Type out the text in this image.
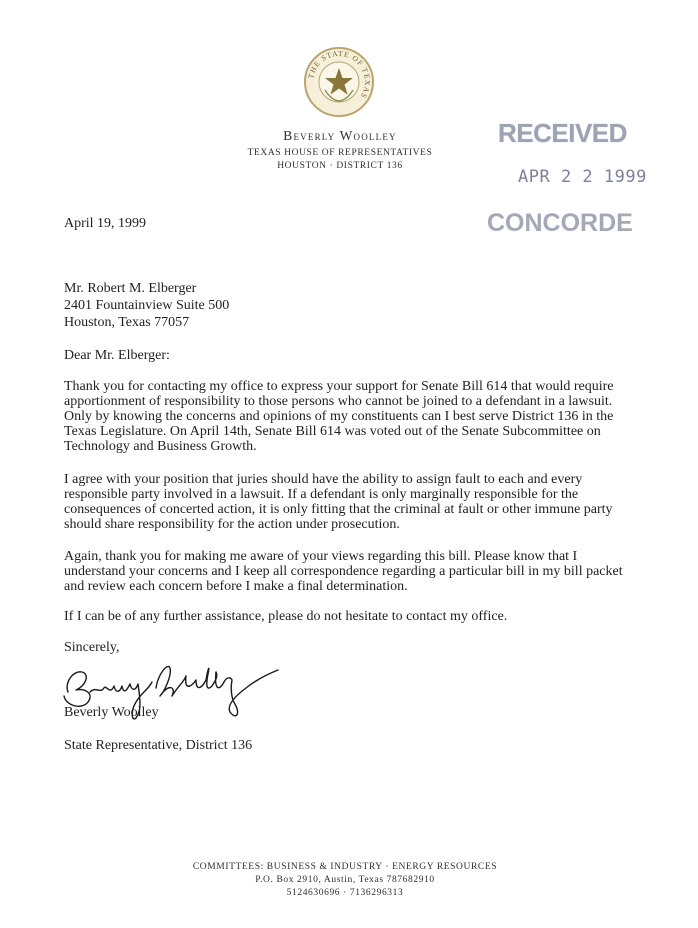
THE STATE OF TEXAS
Beverly Woolley
TEXAS HOUSE OF REPRESENTATIVES
HOUSTON · DISTRICT 136
RECEIVED
APR 2 2 1999
CONCORDE
April 19, 1999
Mr. Robert M. Elberger
2401 Fountainview Suite 500
Houston, Texas 77057
Dear Mr. Elberger:
Thank you for contacting my office to express your support for Senate Bill 614 that would require apportionment of responsibility to those persons who cannot be joined to a defendant in a lawsuit. Only by knowing the concerns and opinions of my constituents can I best serve District 136 in the Texas Legislature. On April 14th, Senate Bill 614 was voted out of the Senate Subcommittee on Technology and Business Growth.
I agree with your position that juries should have the ability to assign fault to each and every responsible party involved in a lawsuit. If a defendant is only marginally responsible for the consequences of concerted action, it is only fitting that the criminal at fault or other immune party should share responsibility for the action under prosecution.
Again, thank you for making me aware of your views regarding this bill. Please know that I understand your concerns and I keep all correspondence regarding a particular bill in my bill packet and review each concern before I make a final determination.
If I can be of any further assistance, please do not hesitate to contact my office.
Sincerely,
Beverly Woolley
State Representative, District 136
COMMITTEES: BUSINESS & INDUSTRY · ENERGY RESOURCES
P.O. Box 2910, Austin, Texas 787682910
5124630696 · 7136296313
